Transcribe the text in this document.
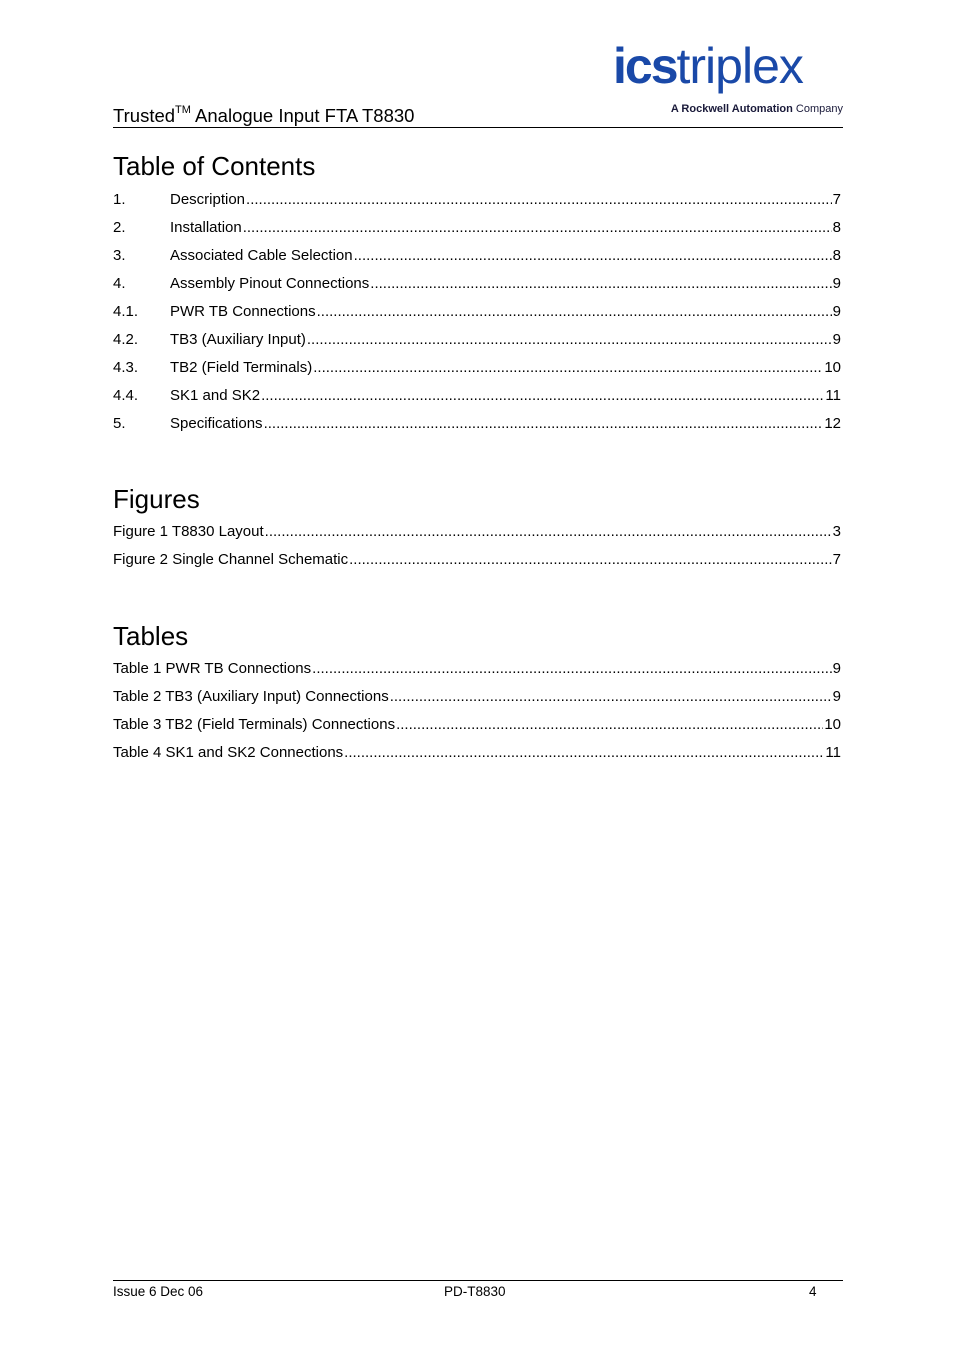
Trusted™ Analogue Input FTA T8830
icstriplex
A Rockwell Automation Company
Table of Contents
1.	Description .....	7
2.	Installation .....	8
3.	Associated Cable Selection .....	8
4.	Assembly Pinout Connections .....	9
4.1.	PWR TB Connections .....	9
4.2.	TB3 (Auxiliary Input) .....	9
4.3.	TB2 (Field Terminals) .....	10
4.4.	SK1 and SK2 .....	11
5.	Specifications .....	12
Figures
Figure 1 T8830 Layout .....	3
Figure 2 Single Channel Schematic .....	7
Tables
Table 1 PWR TB Connections .....	9
Table 2 TB3 (Auxiliary Input) Connections .....	9
Table 3 TB2 (Field Terminals) Connections .....	10
Table 4 SK1 and SK2 Connections .....	11
Issue 6 Dec 06	PD-T8830	4
